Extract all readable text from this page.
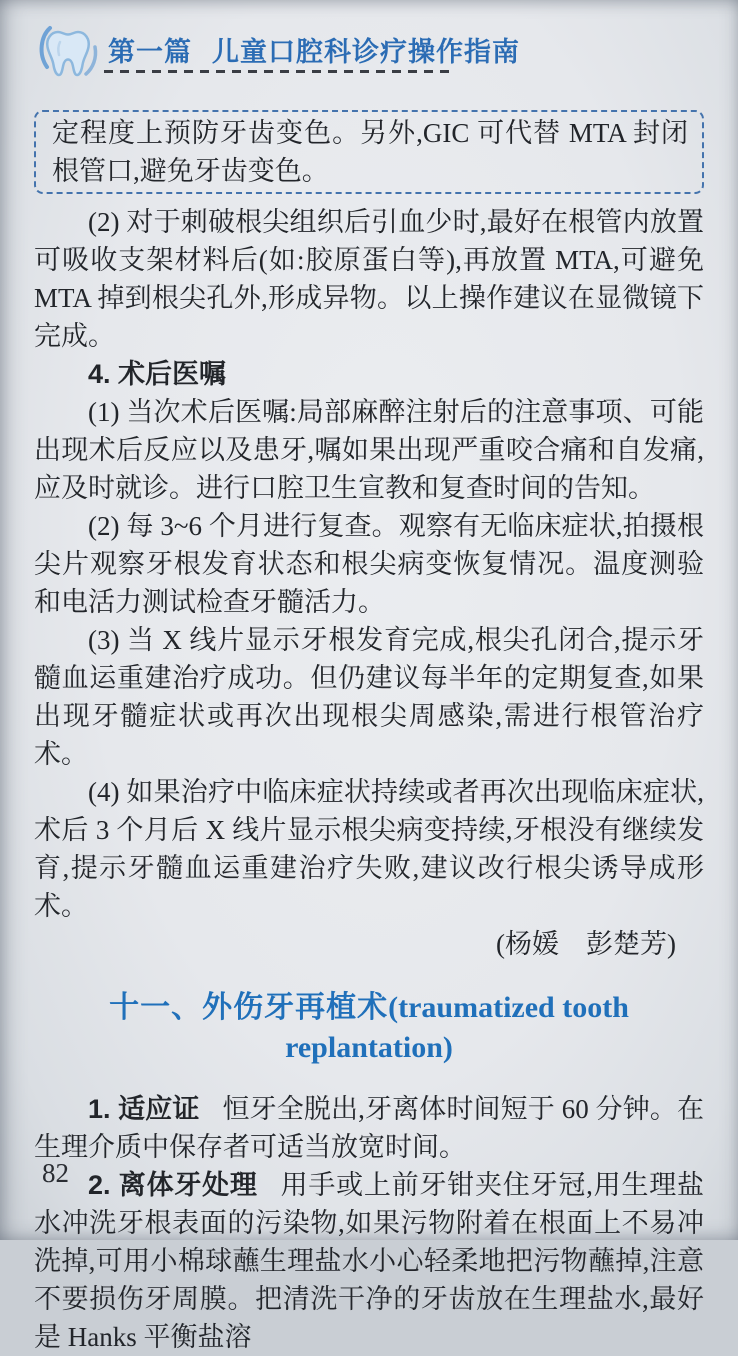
第一篇 儿童口腔科诊疗操作指南

定程度上预防牙齿变色。另外,GIC 可代替 MTA 封闭根管口,避免牙齿变色。

(2) 对于刺破根尖组织后引血少时,最好在根管内放置可吸收支架材料后(如:胶原蛋白等),再放置 MTA,可避免 MTA 掉到根尖孔外,形成异物。以上操作建议在显微镜下完成。

4. 术后医嘱

(1) 当次术后医嘱:局部麻醉注射后的注意事项、可能出现术后反应以及患牙,嘱如果出现严重咬合痛和自发痛,应及时就诊。进行口腔卫生宣教和复查时间的告知。

(2) 每 3~6 个月进行复查。观察有无临床症状,拍摄根尖片观察牙根发育状态和根尖病变恢复情况。温度测验和电活力测试检查牙髓活力。

(3) 当 X 线片显示牙根发育完成,根尖孔闭合,提示牙髓血运重建治疗成功。但仍建议每半年的定期复查,如果出现牙髓症状或再次出现根尖周感染,需进行根管治疗术。

(4) 如果治疗中临床症状持续或者再次出现临床症状,术后 3 个月后 X 线片显示根尖病变持续,牙根没有继续发育,提示牙髓血运重建治疗失败,建议改行根尖诱导成形术。

(杨媛　彭楚芳)

十一、外伤牙再植术(traumatized tooth replantation)

1. 适应证 恒牙全脱出,牙离体时间短于 60 分钟。在生理介质中保存者可适当放宽时间。

2. 离体牙处理 用手或上前牙钳夹住牙冠,用生理盐水冲洗牙根表面的污染物,如果污物附着在根面上不易冲洗掉,可用小棉球蘸生理盐水小心轻柔地把污物蘸掉,注意不要损伤牙周膜。把清洗干净的牙齿放在生理盐水,最好是 Hanks 平衡盐溶

82
